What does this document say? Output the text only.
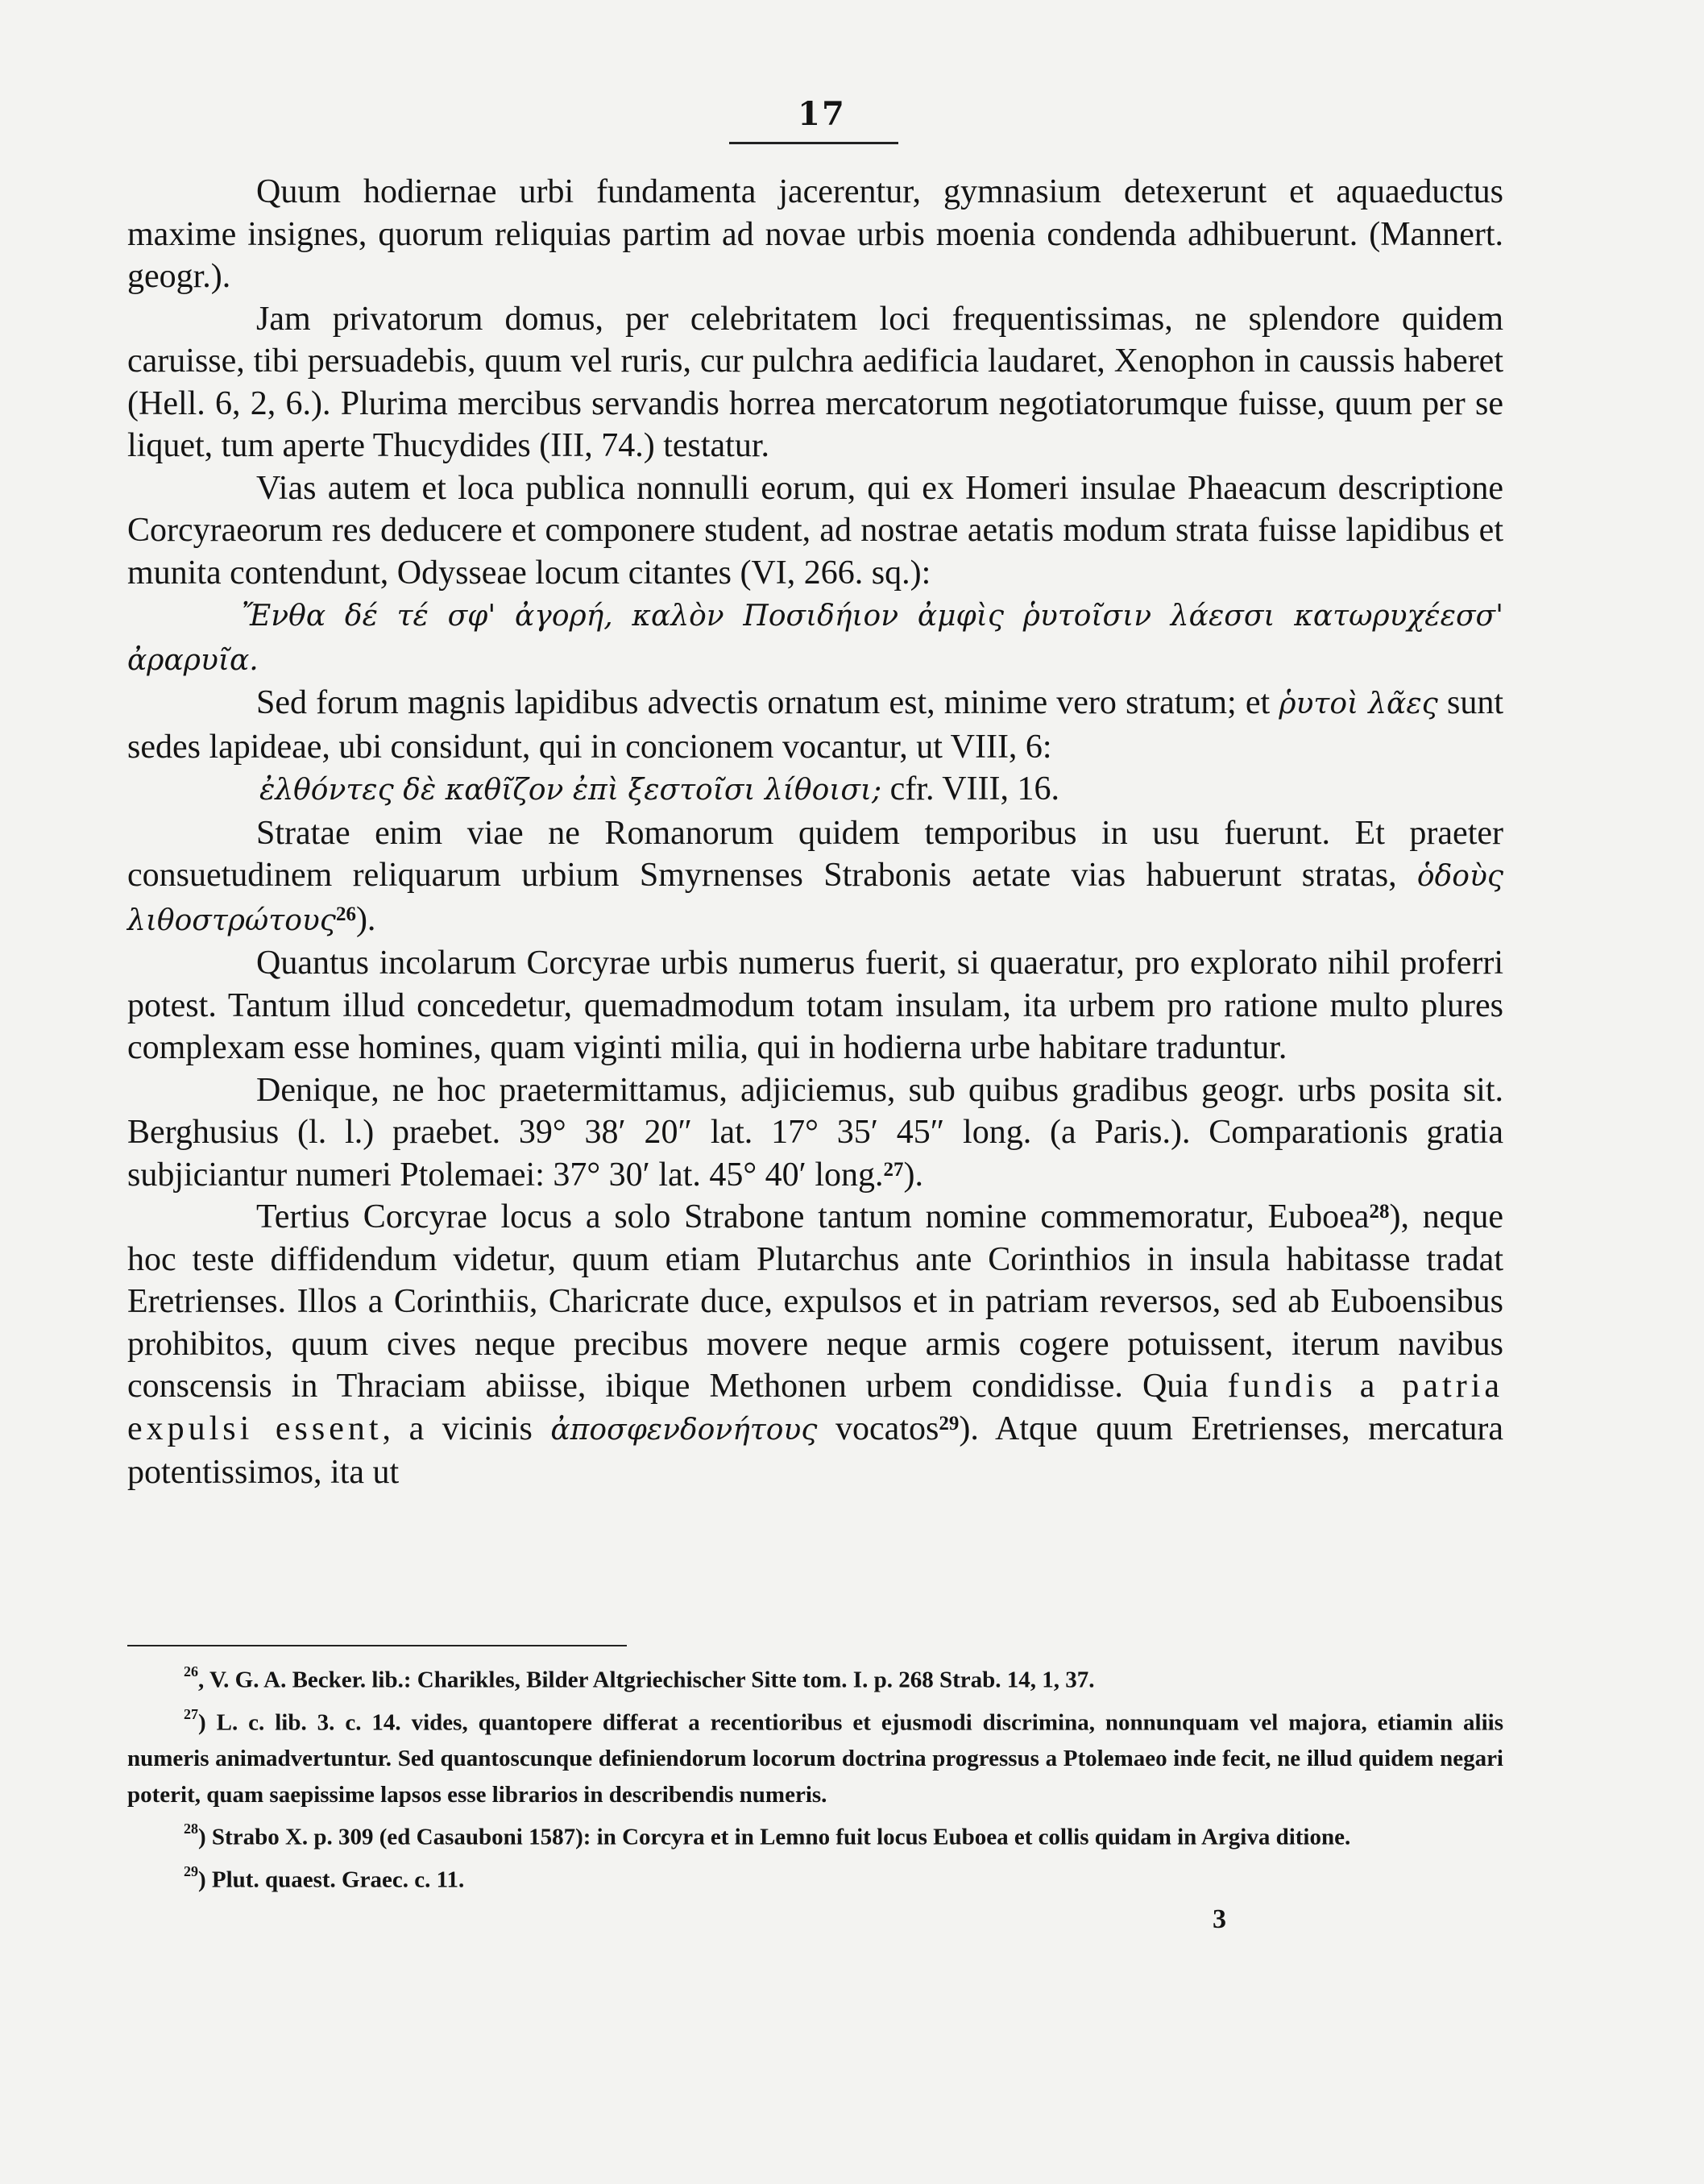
17

Quum hodiernae urbi fundamenta jacerentur, gymnasium detexerunt et aquaeductus maxime insignes, quorum reliquias partim ad novae urbis moenia condenda adhibuerunt. (Mannert. geogr.).

Jam privatorum domus, per celebritatem loci frequentissimas, ne splendore quidem caruisse, tibi persuadebis, quum vel ruris, cur pulchra aedificia laudaret, Xenophon in caussis haberet (Hell. 6, 2, 6.). Plurima mercibus servandis horrea mercatorum negotiatorumque fuisse, quum per se liquet, tum aperte Thucydides (III, 74.) testatur.

Vias autem et loca publica nonnulli eorum, qui ex Homeri insulae Phaeacum descriptione Corcyraeorum res deducere et componere student, ad nostrae aetatis modum strata fuisse lapidibus et munita contendunt, Odysseae locum citantes (VI, 266. sq.):

Ἔνθα δέ τέ σφ' ἀγορή, καλὸν Ποσιδήιον ἀμφὶς ῥυτοῖσιν λάεσσι κατωρυχέεσσ' ἀραρυῖα.

Sed forum magnis lapidibus advectis ornatum est, minime vero stratum; et ῥυτοὶ λᾶες sunt sedes lapideae, ubi considunt, qui in concionem vocantur, ut VIII, 6:

ἐλθόντες δὲ καθῖζον ἐπὶ ξεστοῖσι λίθοισι; cfr. VIII, 16.

Stratae enim viae ne Romanorum quidem temporibus in usu fuerunt. Et praeter consuetudinem reliquarum urbium Smyrnenses Strabonis aetate vias habuerunt stratas, ὁδοὺς λιθοστρώτους$^{26}$).

Quantus incolarum Corcyrae urbis numerus fuerit, si quaeratur, pro explorato nihil proferri potest. Tantum illud concedetur, quemadmodum totam insulam, ita urbem pro ratione multo plures complexam esse homines, quam viginti milia, qui in hodierna urbe habitare traduntur.

Denique, ne hoc praetermittamus, adjiciemus, sub quibus gradibus geogr. urbs posita sit. Berghusius (l. l.) praebet. 39° 38′ 20″ lat. 17° 35′ 45″ long. (a Paris.). Comparationis gratia subjiciantur numeri Ptolemaei: 37° 30′ lat. 45° 40′ long.$^{27}$).

Tertius Corcyrae locus a solo Strabone tantum nomine commemoratur, Euboea$^{28}$), neque hoc teste diffidendum videtur, quum etiam Plutarchus ante Corinthios in insula habitasse tradat Eretrienses. Illos a Corinthiis, Charicrate duce, expulsos et in patriam reversos, sed ab Euboensibus prohibitos, quum cives neque precibus movere neque armis cogere potuissent, iterum navibus conscensis in Thraciam abiisse, ibique Methonen urbem condidisse. Quia fundis a patria expulsi essent, a vicinis ἀποσφενδονήτους vocatos$^{29}$). Atque quum Eretrienses, mercatura potentissimos, ita ut

$^{26}$, V. G. A. Becker. lib.: Charikles, Bilder Altgriechischer Sitte tom. I. p. 268 Strab. 14, 1, 37.

$^{27}$) L. c. lib. 3. c. 14. vides, quantopere differat a recentioribus et ejusmodi discrimina, nonnunquam vel majora, etiamin aliis numeris animadvertuntur. Sed quantoscunque definiendorum locorum doctrina progressus a Ptolemaeo inde fecit, ne illud quidem negari poterit, quam saepissime lapsos esse librarios in describendis numeris.

$^{28}$) Strabo X. p. 309 (ed Casauboni 1587): in Corcyra et in Lemno fuit locus Euboea et collis quidam in Argiva ditione.

$^{29}$) Plut. quaest. Graec. c. 11.

3
